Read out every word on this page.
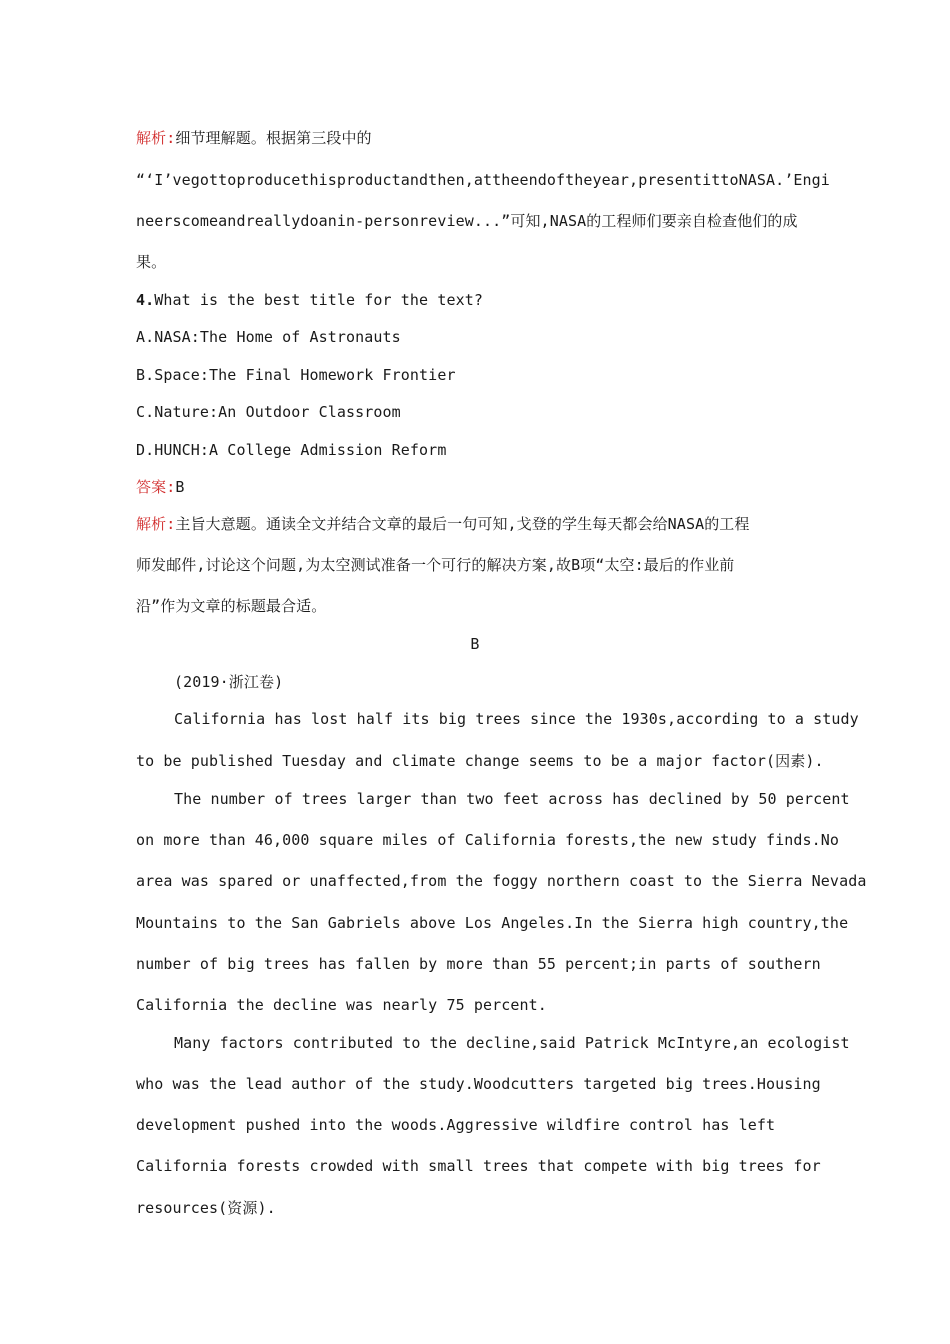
解析:细节理解题。根据第三段中的
“‘I’vegottoproducethisproductandthen,attheendoftheyear,presentittoNASA.’Engi
neerscomeandreallydoanin-personreview...”可知,NASA的工程师们要亲自检查他们的成
果。
4.What is the best title for the text?
A.NASA:The Home of Astronauts
B.Space:The Final Homework Frontier
C.Nature:An Outdoor Classroom
D.HUNCH:A College Admission Reform
答案:B
解析:主旨大意题。通读全文并结合文章的最后一句可知,戈登的学生每天都会给NASA的工程
师发邮件,讨论这个问题,为太空测试准备一个可行的解决方案,故B项“太空:最后的作业前
沿”作为文章的标题最合适。
B
(2019·浙江卷)
California has lost half its big trees since the 1930s,according to a study
to be published Tuesday and climate change seems to be a major factor(因素).
The number of trees larger than two feet across has declined by 50 percent
on more than 46,000 square miles of California forests,the new study finds.No
area was spared or unaffected,from the foggy northern coast to the Sierra Nevada
Mountains to the San Gabriels above Los Angeles.In the Sierra high country,the
number of big trees has fallen by more than 55 percent;in parts of southern
California the decline was nearly 75 percent.
Many factors contributed to the decline,said Patrick McIntyre,an ecologist
who was the lead author of the study.Woodcutters targeted big trees.Housing
development pushed into the woods.Aggressive wildfire control has left
California forests crowded with small trees that compete with big trees for
resources(资源).
